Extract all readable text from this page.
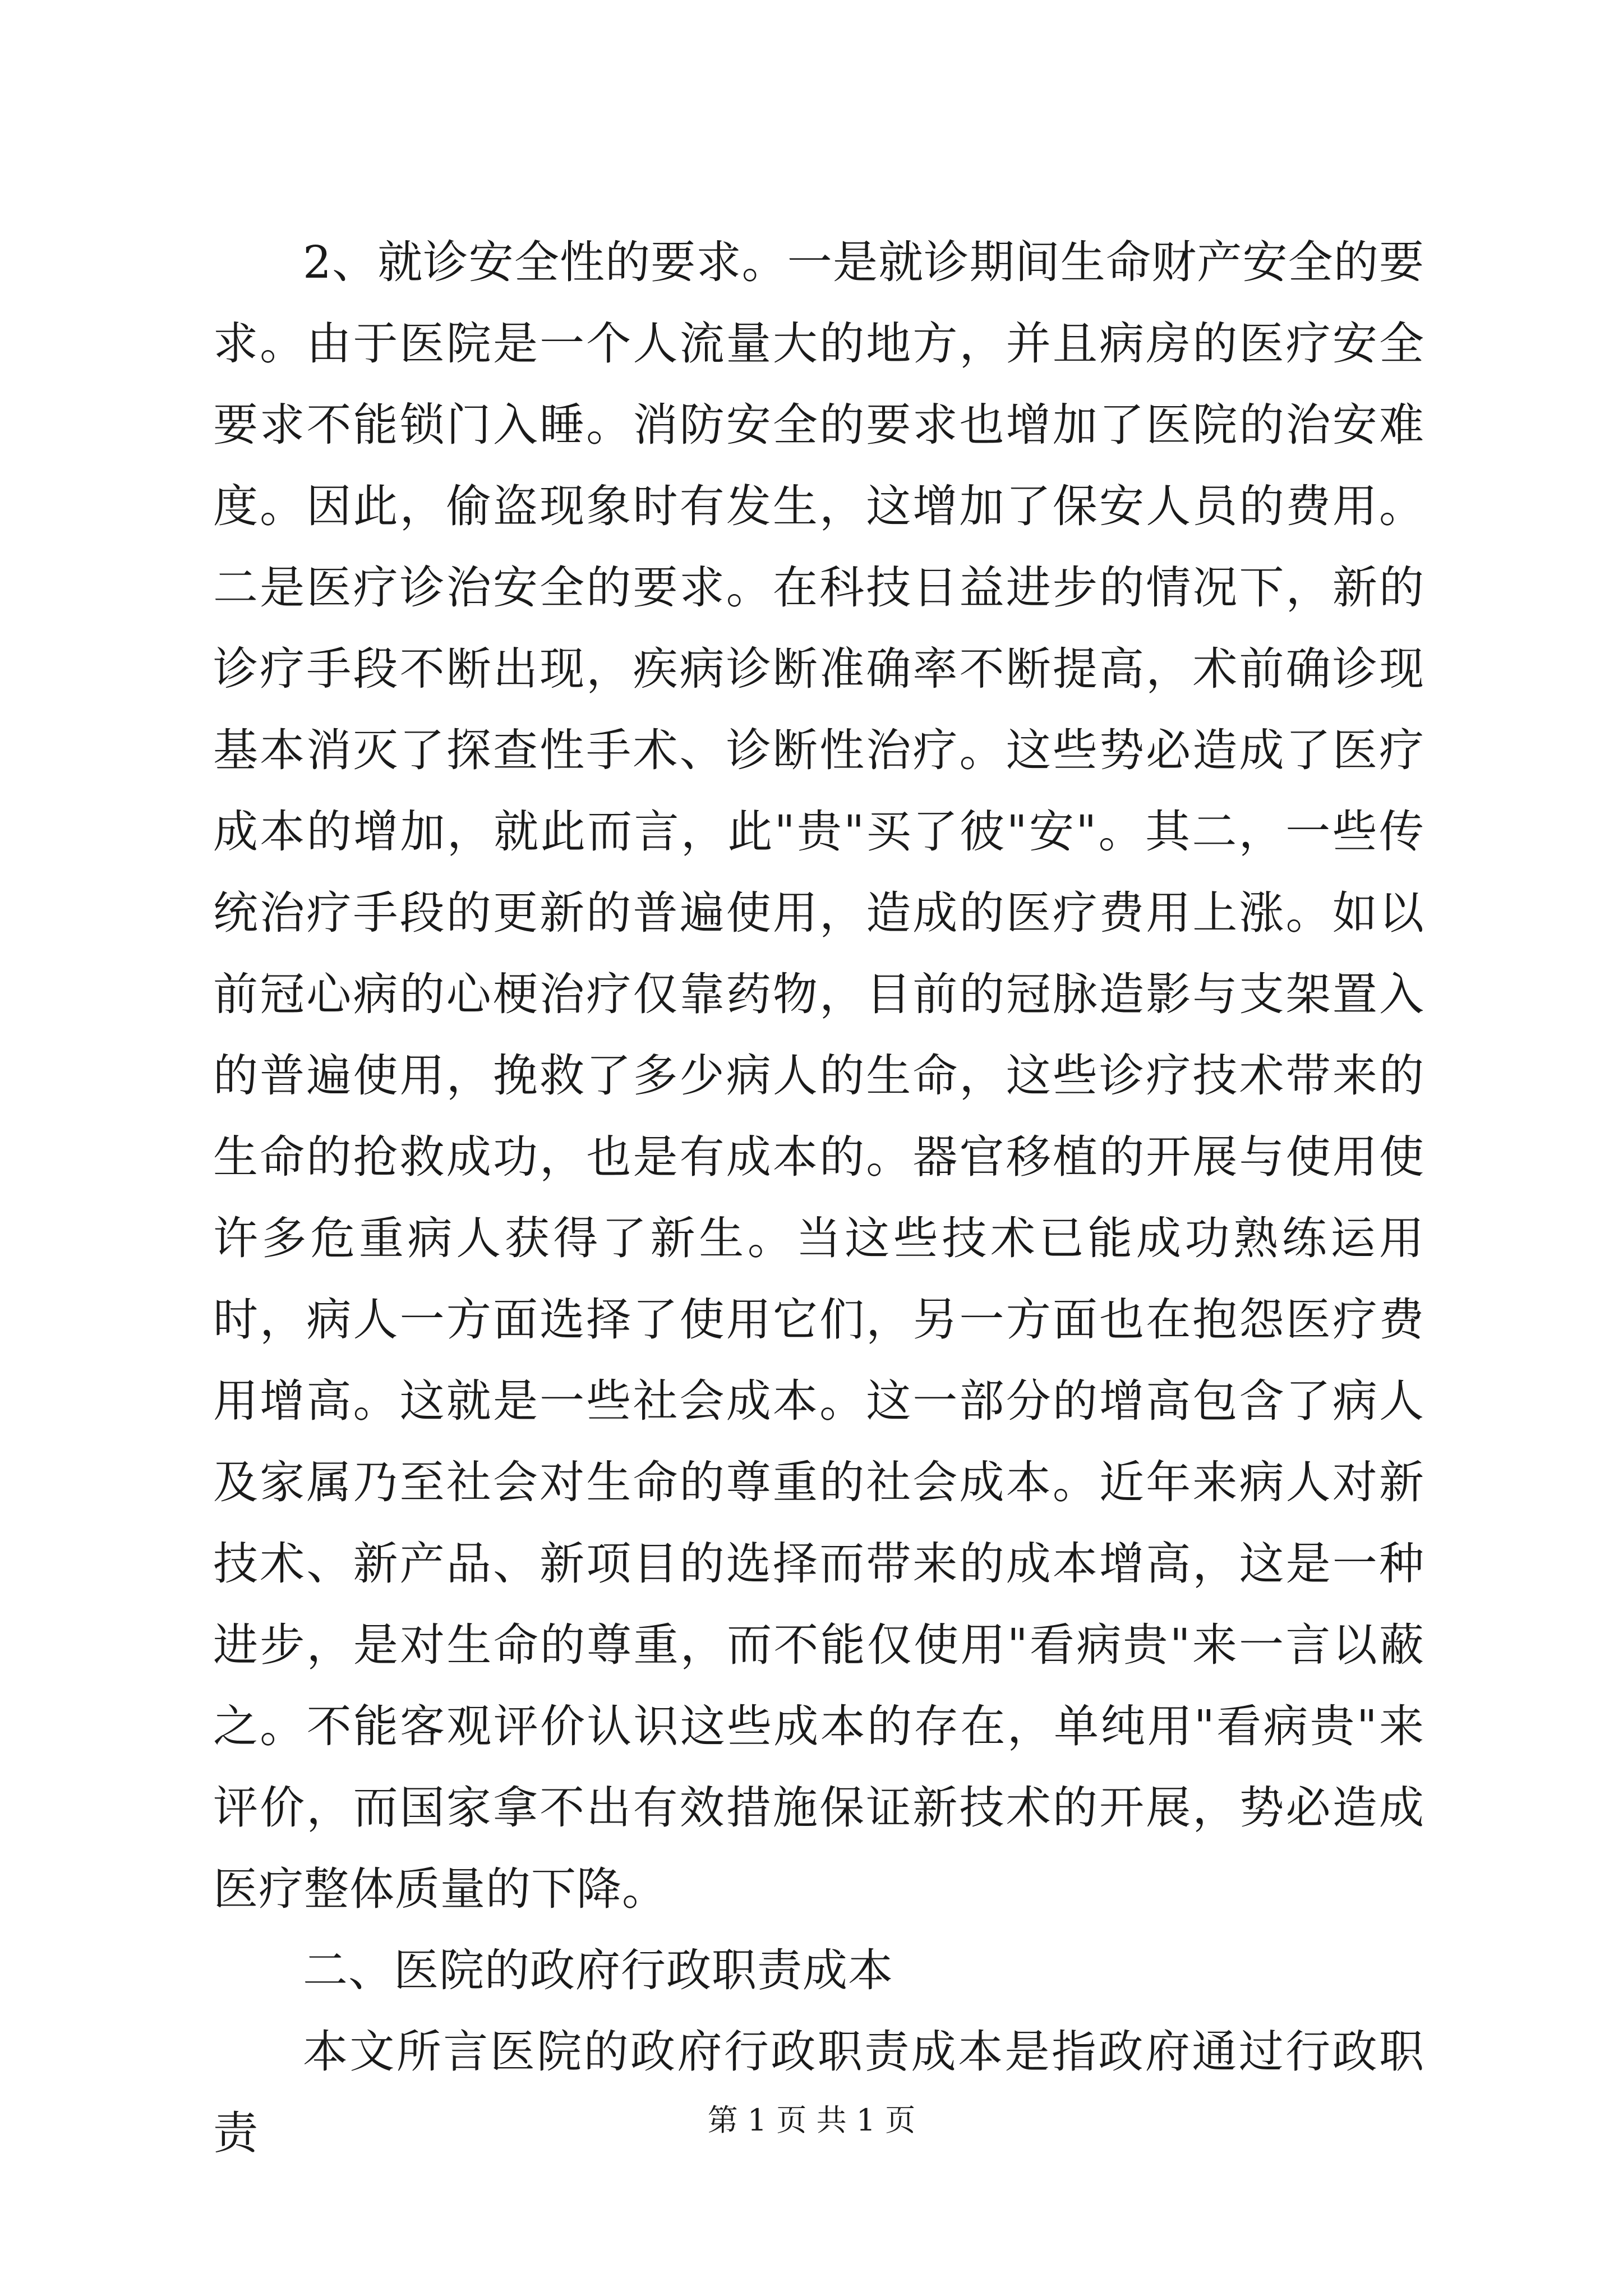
2、就诊安全性的要求。一是就诊期间生命财产安全的要求。由于医院是一个人流量大的地方，并且病房的医疗安全要求不能锁门入睡。消防安全的要求也增加了医院的治安难度。因此，偷盗现象时有发生，这增加了保安人员的费用。二是医疗诊治安全的要求。在科技日益进步的情况下，新的诊疗手段不断出现，疾病诊断准确率不断提高，术前确诊现基本消灭了探查性手术、诊断性治疗。这些势必造成了医疗成本的增加，就此而言，此"贵"买了彼"安"。其二，一些传统治疗手段的更新的普遍使用，造成的医疗费用上涨。如以前冠心病的心梗治疗仅靠药物，目前的冠脉造影与支架置入的普遍使用，挽救了多少病人的生命，这些诊疗技术带来的生命的抢救成功，也是有成本的。器官移植的开展与使用使许多危重病人获得了新生。当这些技术已能成功熟练运用时，病人一方面选择了使用它们，另一方面也在抱怨医疗费用增高。这就是一些社会成本。这一部分的增高包含了病人及家属乃至社会对生命的尊重的社会成本。近年来病人对新技术、新产品、新项目的选择而带来的成本增高，这是一种进步，是对生命的尊重，而不能仅使用"看病贵"来一言以蔽之。不能客观评价认识这些成本的存在，单纯用"看病贵"来评价，而国家拿不出有效措施保证新技术的开展，势必造成医疗整体质量的下降。

二、医院的政府行政职责成本

本文所言医院的政府行政职责成本是指政府通过行政职责	第 1 页 共 1 页
